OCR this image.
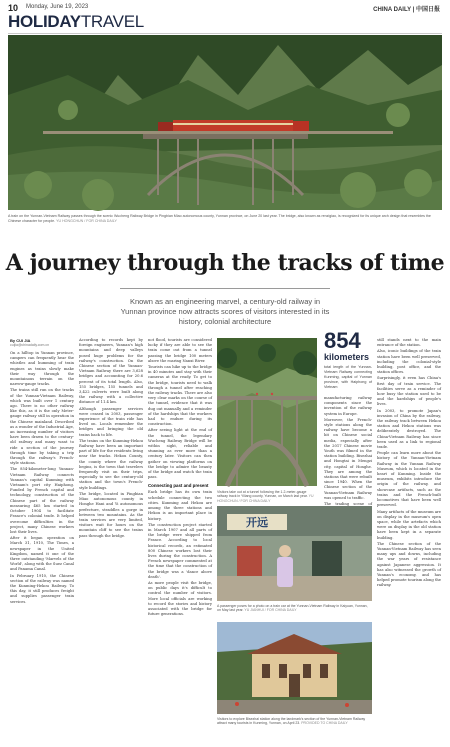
10 Monday, June 19, 2023	CHINA DAILY | 中国日报
HOLIDAYTRAVEL
A train on the Yunnan-Vietnam Railway passes through the scenic Wucheng Railway Bridge in Pingbian Miao autonomous county, Yunnan province, on June 20 last year. The bridge, also known as renzigiao, is recognized for its unique arch design that resembles the Chinese character for people. YU HONGCHUN / FOR CHINA DAILY
A journey through the tracks of time
Known as an engineering marvel, a century-old railway in Yunnan province now attracts scores of visitors interested in its history, colonial architecture

By CUI JIA

cuijia@chinadaily.com.cn

On a hilltop in Yunnan province, campers can frequently hear the whistles and humming of train engines as trains slowly make their way through the mountainous terrain on the narrow-gauge tracks.

The trains still run on the tracks of the Yunnan-Vietnam Railway, which was built over 1 century ago. There is no other railway like this, as it is the only Meter-gauge railway still in operation in the Chinese mainland. Described as a wonder of the Industrial Age, an increasing number of visitors have been drawn to the century-old railway and many want to ride a section of the journey through time by taking a trip through the railway's French-style stations.

The 854-kilometer-long Yunnan-Vietnam Railway connects Yunnan's capital Kunming with Vietnam's port city Haiphong. Funded by French capital and technology, construction of the Chinese part of the railway measuring 465 km started in October 1904 to facilitate France's colonial trade. It helped overcome difficulties in the project, many Chinese workers lost their lives.

After it began operation on March 31, 1910, The Times, a newspaper in the United Kingdom, named it one of the three outstanding 'Marvels of the World', along with the Suez Canal and Panama Canal.

In February 1910, the Chinese section of the railway was named the Kunming-Hekou Railway. To this day, it still produces freight and supplies passenger train services.

According to records kept by foreign engineers, Yunnan's high mountains and deep valleys posed huge problems for the railway's construction. On the Chinese section of the Yunnan-Vietnam Railway there are 3,628 bridges and accounting for 20.6 percent of its total length. Also, 155 bridges, 155 tunnels and 3,422 culverts were built along the railway with a collective distance of 11.4 km.

Although passenger services were ceased in 2003, passenger experience of the train ride has lived on. Locals remember the bridges and bringing the old trains back to life.

The trains on the Kunming-Hekou Railway have been an important part of life for the residents living near the tracks. Hekou County, the county where the railway begins, is the town that travelers frequently visit on their trips, especially to see the century-old station and the town's French-style buildings.

The bridge, located in Pingbian Miao autonomous county in Honghe Hani and Yi autonomous prefecture, straddles a gorge in between two mountains. As the train services are very limited, visitors wait for hours on the mountain cliff to see the trains pass through the bridge.

not flood, tourists are considered lucky if they are able to see the train come out from a tunnel passing the bridge 100 meters above the roaring Nanxi River.

Tourists can hike up to the bridge in 40 minutes and stay with their cameras at the ready. To get to the bridge, tourists need to walk through a tunnel after reaching the railway tracks. There are also very clear marks on the course of the tunnel, evidence that it was dug out manually and a reminder of the hardships that the workers had to endure during its construction.

After seeing light at the end of the tunnel, the legendary Wucheng Railway Bridge will be within sight, reliable and stunning as ever more than a century later. Visitors can then gather on viewing platforms on the bridge to admire the beauty of the bridge and watch the train pass.

Connecting past and present

Each bridge has its own train schedule connecting the two cities. Kunming and Hekou are among the three stations and Hekou is an important place in history.

The construction project started in March 1907 and all parts of the bridge were shipped from France. According to local historical records, an estimated 800 Chinese workers lost their lives during the construction. A French newspaper commented at the time that the construction of the bridge was a 'dance above death'.

As more people visit the bridge, on public days it's difficult to control the number of visitors. More local officials are working to record the stories and history associated with the bridge for future generations.

Visitors take out at a tunnel following the 1.2-meter-gauge railway track in Yiliang county, Yunnan, on March last year. YU HONGCHUN / FOR CHINA DAILY

854

kilometers

total length of the Yunnan-Vietnam Railway connecting Kunming, capital of Yunnan province, with Haiphong of Vietnam

manufacturing railway components since the invention of the railway system in Europe.

Moreover, the French-style stations along the railway have become a hit on Chinese social media, especially after the 2017 Chinese movie Youth was filmed in the station building. Bisezhai and Hongtai in Mengzi city, capital of Honghe. They are among the stations that were rebuilt since 1940. When the Chinese section of the Yunnan-Vietnam Railway was opened to traffic.

The trading scene of

开远
A passenger poses for a photo on a train car at the Yunnan-Vietnam Railway in Kaiyuan, Yunnan, on May last year. YU JIANHUI / FOR CHINA DAILY
Visitors to explore Bisezhai station along the landmark's section of the Yunnan-Vietnam Railway attract many tourists in Kunming, Yunnan, on April 23. PROVIDED TO CHINA DAILY

still stands next to the main entrance of the station.

Also, iconic buildings of the train station have been well preserved, including the colonial-style building, post office, and the station offices.

Surprisingly, it even has China's first day of train service. The facilities serve as a reminder of how busy the station used to be and the hardships of people's lives.

In 2003, to promote Japan's invasion of China by the railway, the railway track between Hekou station and Hekou stations was deliberately destroyed. The China-Vietnam Railway has since been used as a link to regional trade.

People can learn more about the history of the Yunnan-Vietnam Railway in the Yunnan Railway Museum, which is located in the heart of Kunming. Inside the museum, exhibits introduce the origin of the railway, and showcase artifacts, such as the trains and the French-built locomotives that have been well preserved.

Many artifacts of the museum are on display in the museum's open space, while the artefacts which were on display in the old station have been kept in a separate building.

The Chinese section of the Yunnan-Vietnam Railway has seen many ups and downs, including the war years of resistance against Japanese aggression. It has also witnessed the growth of Yunnan's economy, and has helped promote tourism along the railway.
